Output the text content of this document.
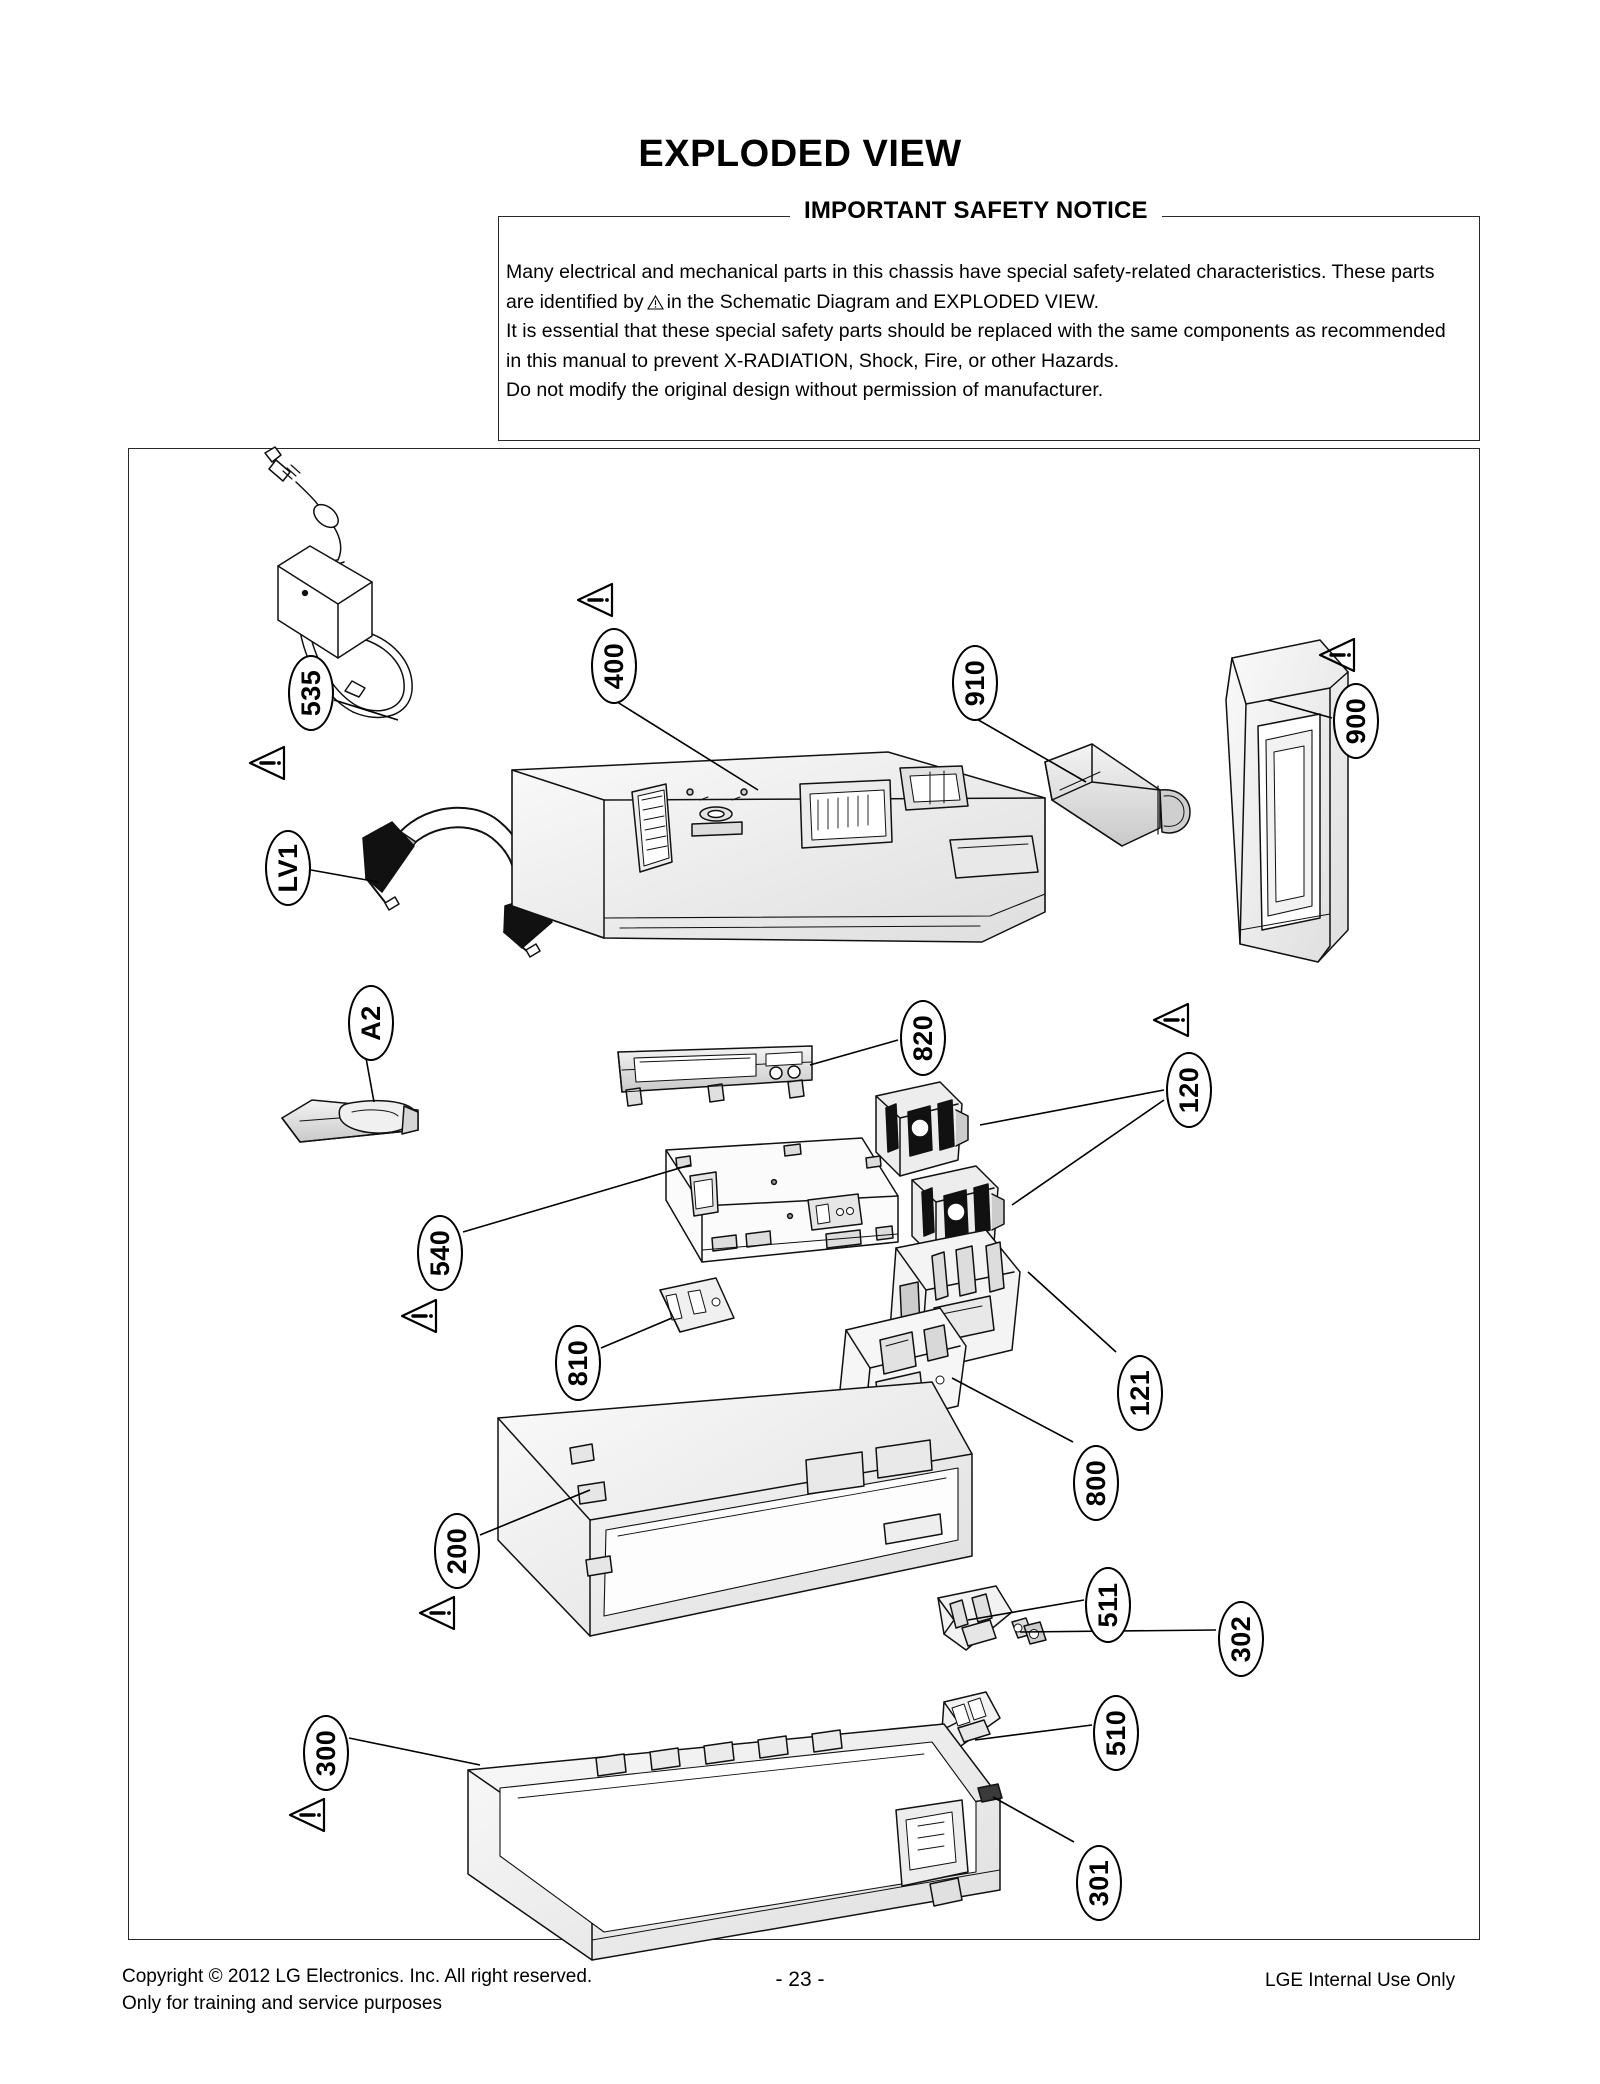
EXPLODED VIEW
IMPORTANT SAFETY NOTICE

Many electrical and mechanical parts in this chassis have special safety-related characteristics. These parts

are identified by in the Schematic Diagram and EXPLODED VIEW.

It is essential that these special safety parts should be replaced with the same components as recommended

in this manual to prevent X-RADIATION, Shock, Fire, or other Hazards.

Do not modify the original design without permission of manufacturer.

535
LV1
A2
400	910
900
820
120
540
810
121
800
200
511
302
510
300
301
Copyright © 2012 LG Electronics. Inc. All right reserved.
Only for training and service purposes
- 23 -	LGE Internal Use Only
